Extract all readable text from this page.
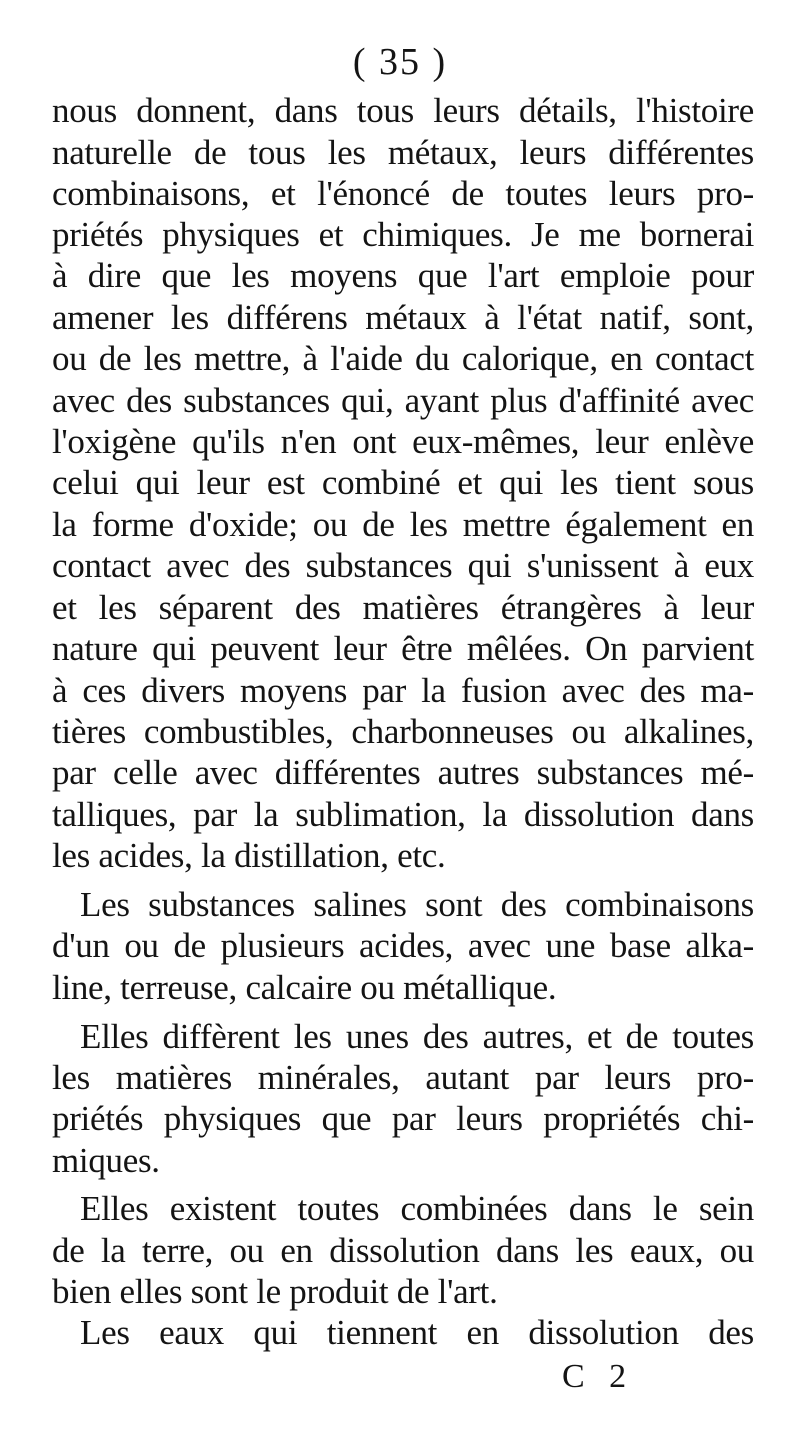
( 35 )
nous donnent, dans tous leurs détails, l'histoire
naturelle de tous les métaux, leurs différentes
combinaisons, et l'énoncé de toutes leurs pro-
priétés physiques et chimiques. Je me bornerai
à dire que les moyens que l'art emploie pour
amener les différens métaux à l'état natif, sont,
ou de les mettre, à l'aide du calorique, en contact
avec des substances qui, ayant plus d'affinité avec
l'oxigène qu'ils n'en ont eux-mêmes, leur enlève
celui qui leur est combiné et qui les tient sous
la forme d'oxide; ou de les mettre également en
contact avec des substances qui s'unissent à eux
et les séparent des matières étrangères à leur
nature qui peuvent leur être mêlées. On parvient
à ces divers moyens par la fusion avec des ma-
tières combustibles, charbonneuses ou alkalines,
par celle avec différentes autres substances mé-
talliques, par la sublimation, la dissolution dans
les acides, la distillation, etc.
Les substances salines sont des combinaisons
d'un ou de plusieurs acides, avec une base alka-
line, terreuse, calcaire ou métallique.
Elles diffèrent les unes des autres, et de toutes
les matières minérales, autant par leurs pro-
priétés physiques que par leurs propriétés chi-
miques.
Elles existent toutes combinées dans le sein
de la terre, ou en dissolution dans les eaux, ou
bien elles sont le produit de l'art.
Les eaux qui tiennent en dissolution des
C 2
